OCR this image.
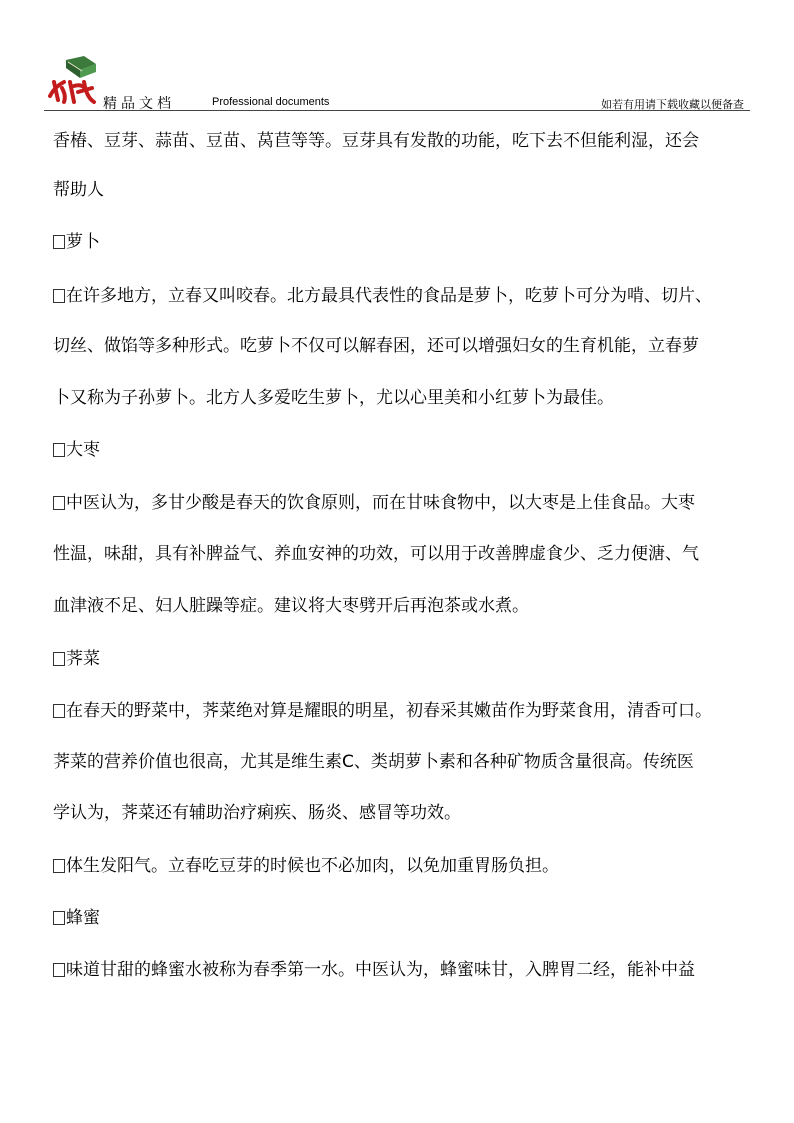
精品文档	Professional documents	如若有用请下载收藏以便备查
香椿、豆芽、蒜苗、豆苗、莴苣等等。豆芽具有发散的功能，吃下去不但能利湿，还会
帮助人
萝卜
在许多地方，立春又叫咬春。北方最具代表性的食品是萝卜，吃萝卜可分为啃、切片、
切丝、做馅等多种形式。吃萝卜不仅可以解春困，还可以增强妇女的生育机能，立春萝
卜又称为子孙萝卜。北方人多爱吃生萝卜，尤以心里美和小红萝卜为最佳。
大枣
中医认为，多甘少酸是春天的饮食原则，而在甘味食物中，以大枣是上佳食品。大枣
性温，味甜，具有补脾益气、养血安神的功效，可以用于改善脾虚食少、乏力便溏、气
血津液不足、妇人脏躁等症。建议将大枣劈开后再泡茶或水煮。
荠菜
在春天的野菜中，荠菜绝对算是耀眼的明星，初春采其嫩苗作为野菜食用，清香可口。
荠菜的营养价值也很高，尤其是维生素C、类胡萝卜素和各种矿物质含量很高。传统医
学认为，荠菜还有辅助治疗痢疾、肠炎、感冒等功效。
体生发阳气。立春吃豆芽的时候也不必加肉，以免加重胃肠负担。
蜂蜜
味道甘甜的蜂蜜水被称为春季第一水。中医认为，蜂蜜味甘，入脾胃二经，能补中益
